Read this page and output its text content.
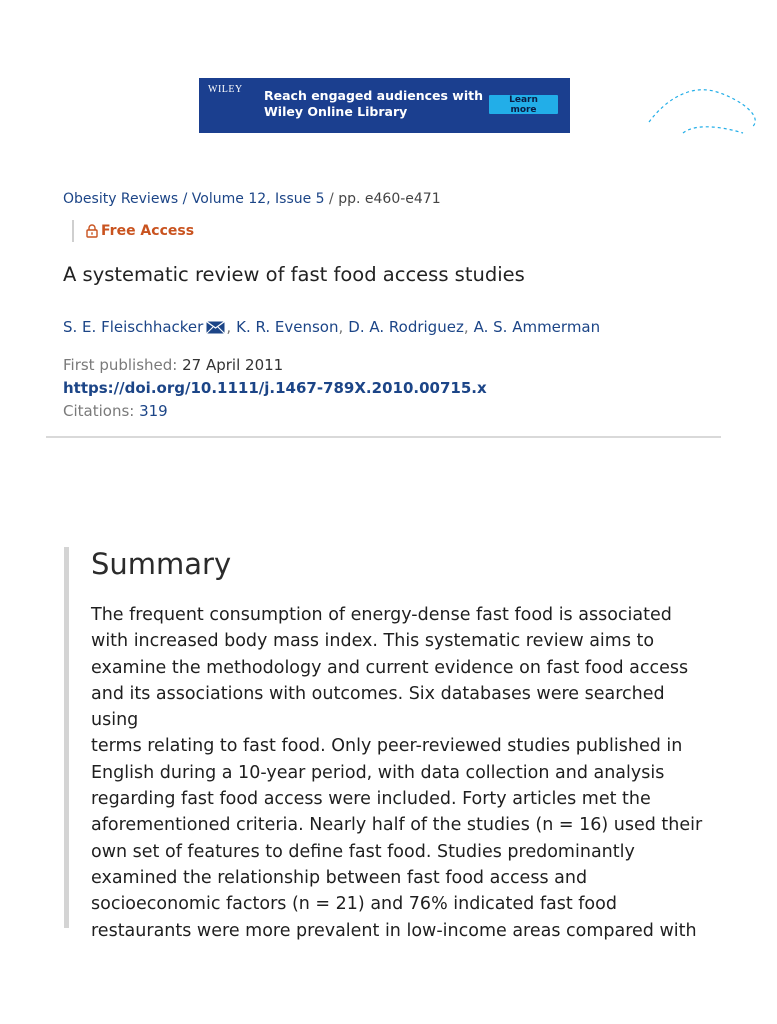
WILEY Reach engaged audiences with Wiley Online Library
Learn more
Obesity Reviews / Volume 12, Issue 5 / pp. e460-e471
Free Access
A systematic review of fast food access studies
S. E. Fleischhacker , K. R. Evenson , D. A. Rodriguez , A. S. Ammerman
First published: 27 April 2011
https://doi.org/10.1111/j.1467-789X.2010.00715.x
Citations: 319
Summary

The frequent consumption of energy-dense fast food is associated
with increased body mass index. This systematic review aims to
examine the methodology and current evidence on fast food access
and its associations with outcomes. Six databases were searched using
terms relating to fast food. Only peer-reviewed studies published in
English during a 10-year period, with data collection and analysis
regarding fast food access were included. Forty articles met the
aforementioned criteria. Nearly half of the studies (n = 16) used their
own set of features to define fast food. Studies predominantly
examined the relationship between fast food access and
socioeconomic factors (n = 21) and 76% indicated fast food
restaurants were more prevalent in low-income areas compared with
